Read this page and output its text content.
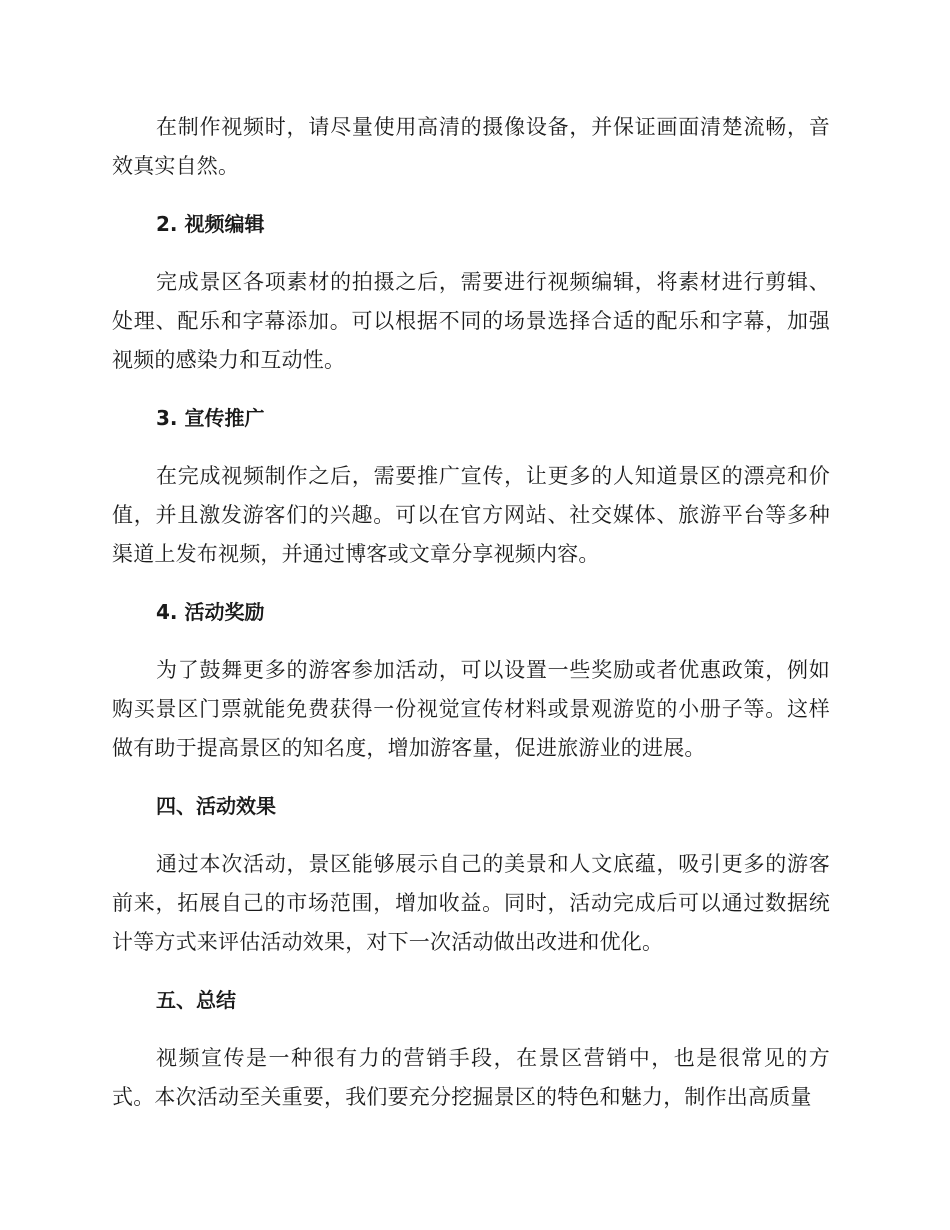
在制作视频时，请尽量使用高清的摄像设备，并保证画面清楚流畅，音效真实自然。

2. 视频编辑

完成景区各项素材的拍摄之后，需要进行视频编辑，将素材进行剪辑、处理、配乐和字幕添加。可以根据不同的场景选择合适的配乐和字幕，加强视频的感染力和互动性。

3. 宣传推广

在完成视频制作之后，需要推广宣传，让更多的人知道景区的漂亮和价值，并且激发游客们的兴趣。可以在官方网站、社交媒体、旅游平台等多种渠道上发布视频，并通过博客或文章分享视频内容。

4. 活动奖励

为了鼓舞更多的游客参加活动，可以设置一些奖励或者优惠政策，例如购买景区门票就能免费获得一份视觉宣传材料或景观游览的小册子等。这样做有助于提高景区的知名度，增加游客量，促进旅游业的进展。

四、活动效果

通过本次活动，景区能够展示自己的美景和人文底蕴，吸引更多的游客前来，拓展自己的市场范围，增加收益。同时，活动完成后可以通过数据统计等方式来评估活动效果，对下一次活动做出改进和优化。

五、总结

视频宣传是一种很有力的营销手段，在景区营销中，也是很常见的方式。本次活动至关重要，我们要充分挖掘景区的特色和魅力，制作出高质量
